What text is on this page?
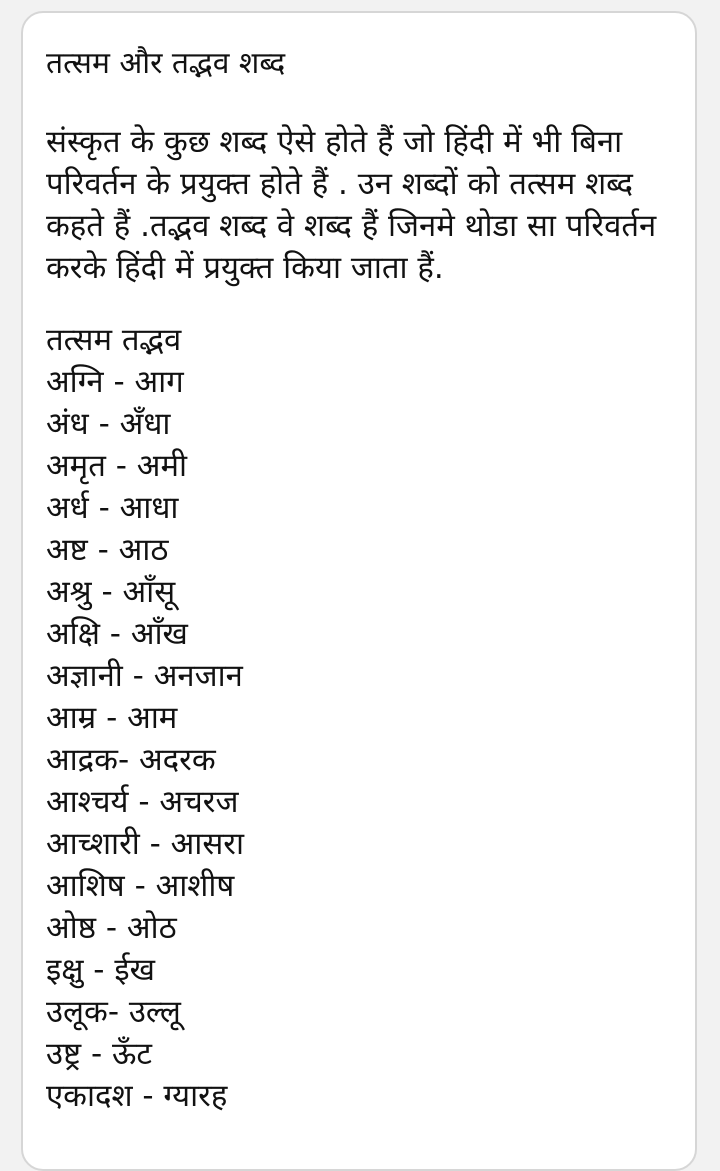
तत्सम और तद्भव शब्द
संस्कृत के कुछ शब्द ऐसे होते हैं जो हिंदी में भी बिना परिवर्तन के प्रयुक्त होते हैं . उन शब्दों को तत्सम शब्द कहते हैं .तद्भव शब्द वे शब्द हैं जिनमे थोडा सा परिवर्तन करके हिंदी में प्रयुक्त किया जाता हैं.
तत्सम तद्भव
अग्नि - आग
अंध - अँधा
अमृत - अमी
अर्ध - आधा
अष्ट - आठ
अश्रु - आँसू
अक्षि - आँख
अज्ञानी - अनजान
आम्र - आम
आद्रक- अदरक
आश्चर्य - अचरज
आच्शारी - आसरा
आशिष - आशीष
ओष्ठ - ओठ
इक्षु - ईख
उलूक- उल्लू
उष्ट्र - ऊँट
एकादश - ग्यारह
